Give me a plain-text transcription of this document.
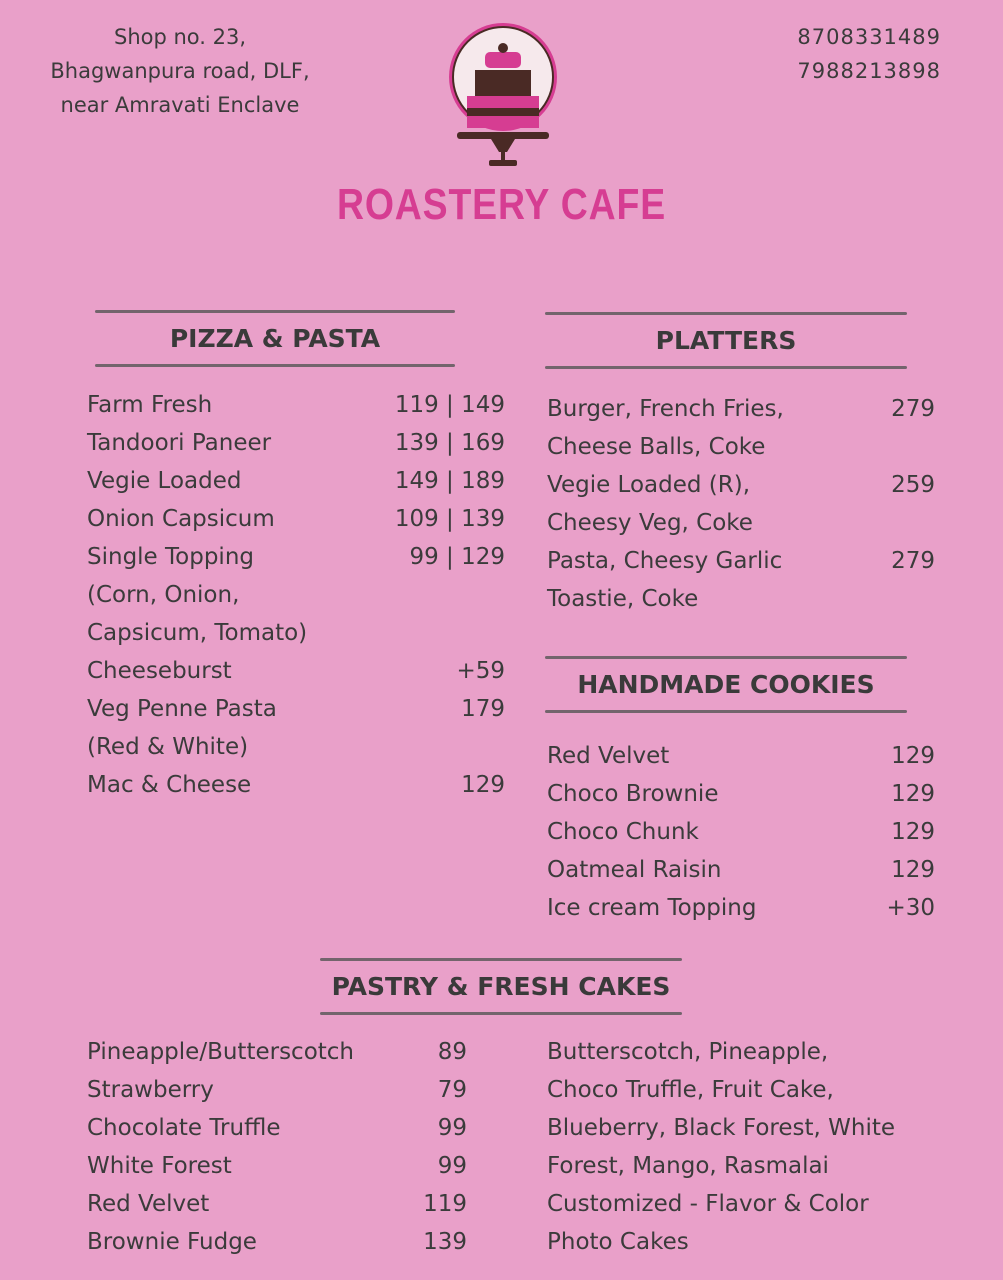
Shop no. 23,
Bhagwanpura road, DLF,
near Amravati Enclave
8708331489
7988213898
ROASTERY CAFE
PIZZA & PASTA
Farm Fresh	119 | 149
Tandoori Paneer	139 | 169
Vegie Loaded	149 | 189
Onion Capsicum	109 | 139
Single Topping	99 | 129
(Corn, Onion,
Capsicum, Tomato)
Cheeseburst	+59
Veg Penne Pasta	179
(Red & White)
Mac & Cheese	129
PLATTERS
Burger, French Fries,	279
Cheese Balls, Coke
Vegie Loaded (R),	259
Cheesy Veg, Coke
Pasta, Cheesy Garlic	279
Toastie, Coke
HANDMADE COOKIES
Red Velvet	129
Choco Brownie	129
Choco Chunk	129
Oatmeal Raisin	129
Ice cream Topping	+30
PASTRY & FRESH CAKES
Pineapple/Butterscotch	89
Strawberry	79
Chocolate Truffle	99
White Forest	99
Red Velvet	119
Brownie Fudge	139
Butterscotch, Pineapple,
Choco Truffle, Fruit Cake,
Blueberry, Black Forest, White
Forest, Mango, Rasmalai
Customized - Flavor & Color
Photo Cakes
